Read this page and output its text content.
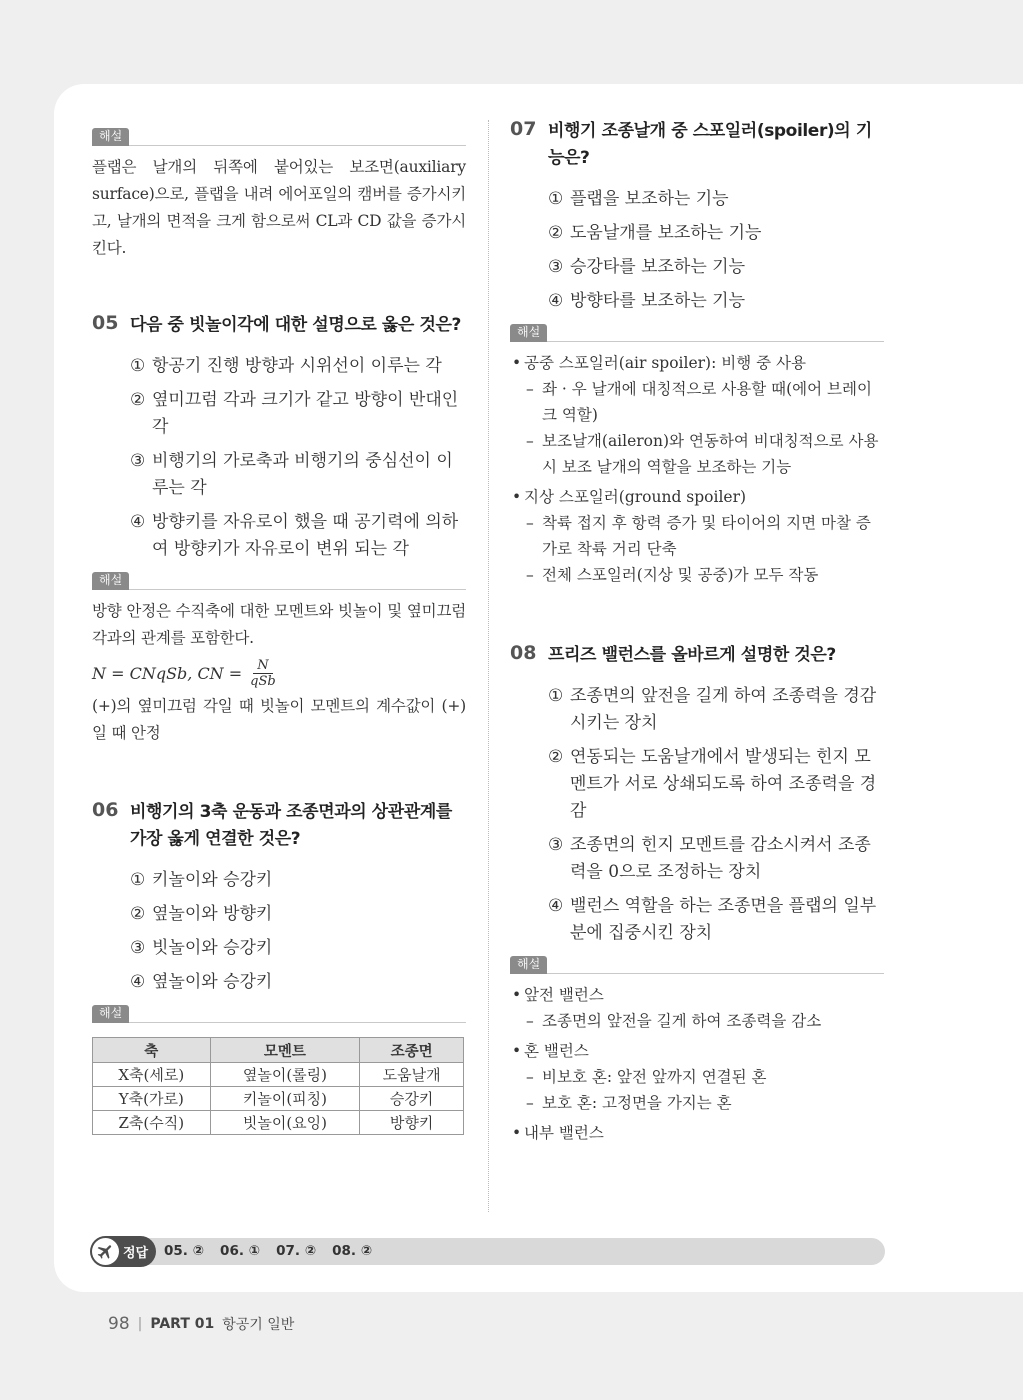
해설

플랩은 날개의 뒤쪽에 붙어있는 보조면(auxiliary surface)으로, 플랩을 내려 에어포일의 캠버를 증가시키고, 날개의 면적을 크게 함으로써 CL과 CD 값을 증가시킨다.

05 다음 중 빗놀이각에 대한 설명으로 옳은 것은?

① 항공기 진행 방향과 시위선이 이루는 각
② 옆미끄럼 각과 크기가 같고 방향이 반대인 각
③ 비행기의 가로축과 비행기의 중심선이 이루는 각
④ 방향키를 자유로이 했을 때 공기력에 의하여 방향키가 자유로이 변위 되는 각
해설

방향 안정은 수직축에 대한 모멘트와 빗놀이 및 옆미끄럼 각과의 관계를 포함한다.

N = CNqSb, CN = $\frac{N}{\text{qSb}}$

(+)의 옆미끄럼 각일 때 빗놀이 모멘트의 계수값이 (+)일 때 안정

06 비행기의 3축 운동과 조종면과의 상관관계를 가장 옳게 연결한 것은?

① 키놀이와 승강키
② 옆놀이와 방향키
③ 빗놀이와 승강키
④ 옆놀이와 승강키
해설
축	모멘트	조종면
X축(세로)	옆놀이(롤링)	도움날개
Y축(가로)	키놀이(피칭)	승강키
Z축(수직)	빗놀이(요잉)	방향키
07 비행기 조종날개 중 스포일러(spoiler)의 기능은?

① 플랩을 보조하는 기능
② 도움날개를 보조하는 기능
③ 승강타를 보조하는 기능
④ 방향타를 보조하는 기능
해설
• 공중 스포일러(air spoiler): 비행 중 사용
– 좌 · 우 날개에 대칭적으로 사용할 때(에어 브레이크 역할)
– 보조날개(aileron)와 연동하여 비대칭적으로 사용 시 보조 날개의 역할을 보조하는 기능
• 지상 스포일러(ground spoiler)
– 착륙 접지 후 항력 증가 및 타이어의 지면 마찰 증가로 착륙 거리 단축
– 전체 스포일러(지상 및 공중)가 모두 작동
08 프리즈 밸런스를 올바르게 설명한 것은?

① 조종면의 앞전을 길게 하여 조종력을 경감시키는 장치
② 연동되는 도움날개에서 발생되는 힌지 모멘트가 서로 상쇄되도록 하여 조종력을 경감
③ 조종면의 힌지 모멘트를 감소시켜서 조종력을 0으로 조정하는 장치
④ 밸런스 역할을 하는 조종면을 플랩의 일부분에 집중시킨 장치
해설
• 앞전 밸런스
– 조종면의 앞전을 길게 하여 조종력을 감소
• 혼 밸런스
– 비보호 혼: 앞전 앞까지 연결된 혼
– 보호 혼: 고정면을 가지는 혼
• 내부 밸런스
정답 05. ② 06. ① 07. ② 08. ②
98 | PART 01 항공기 일반
